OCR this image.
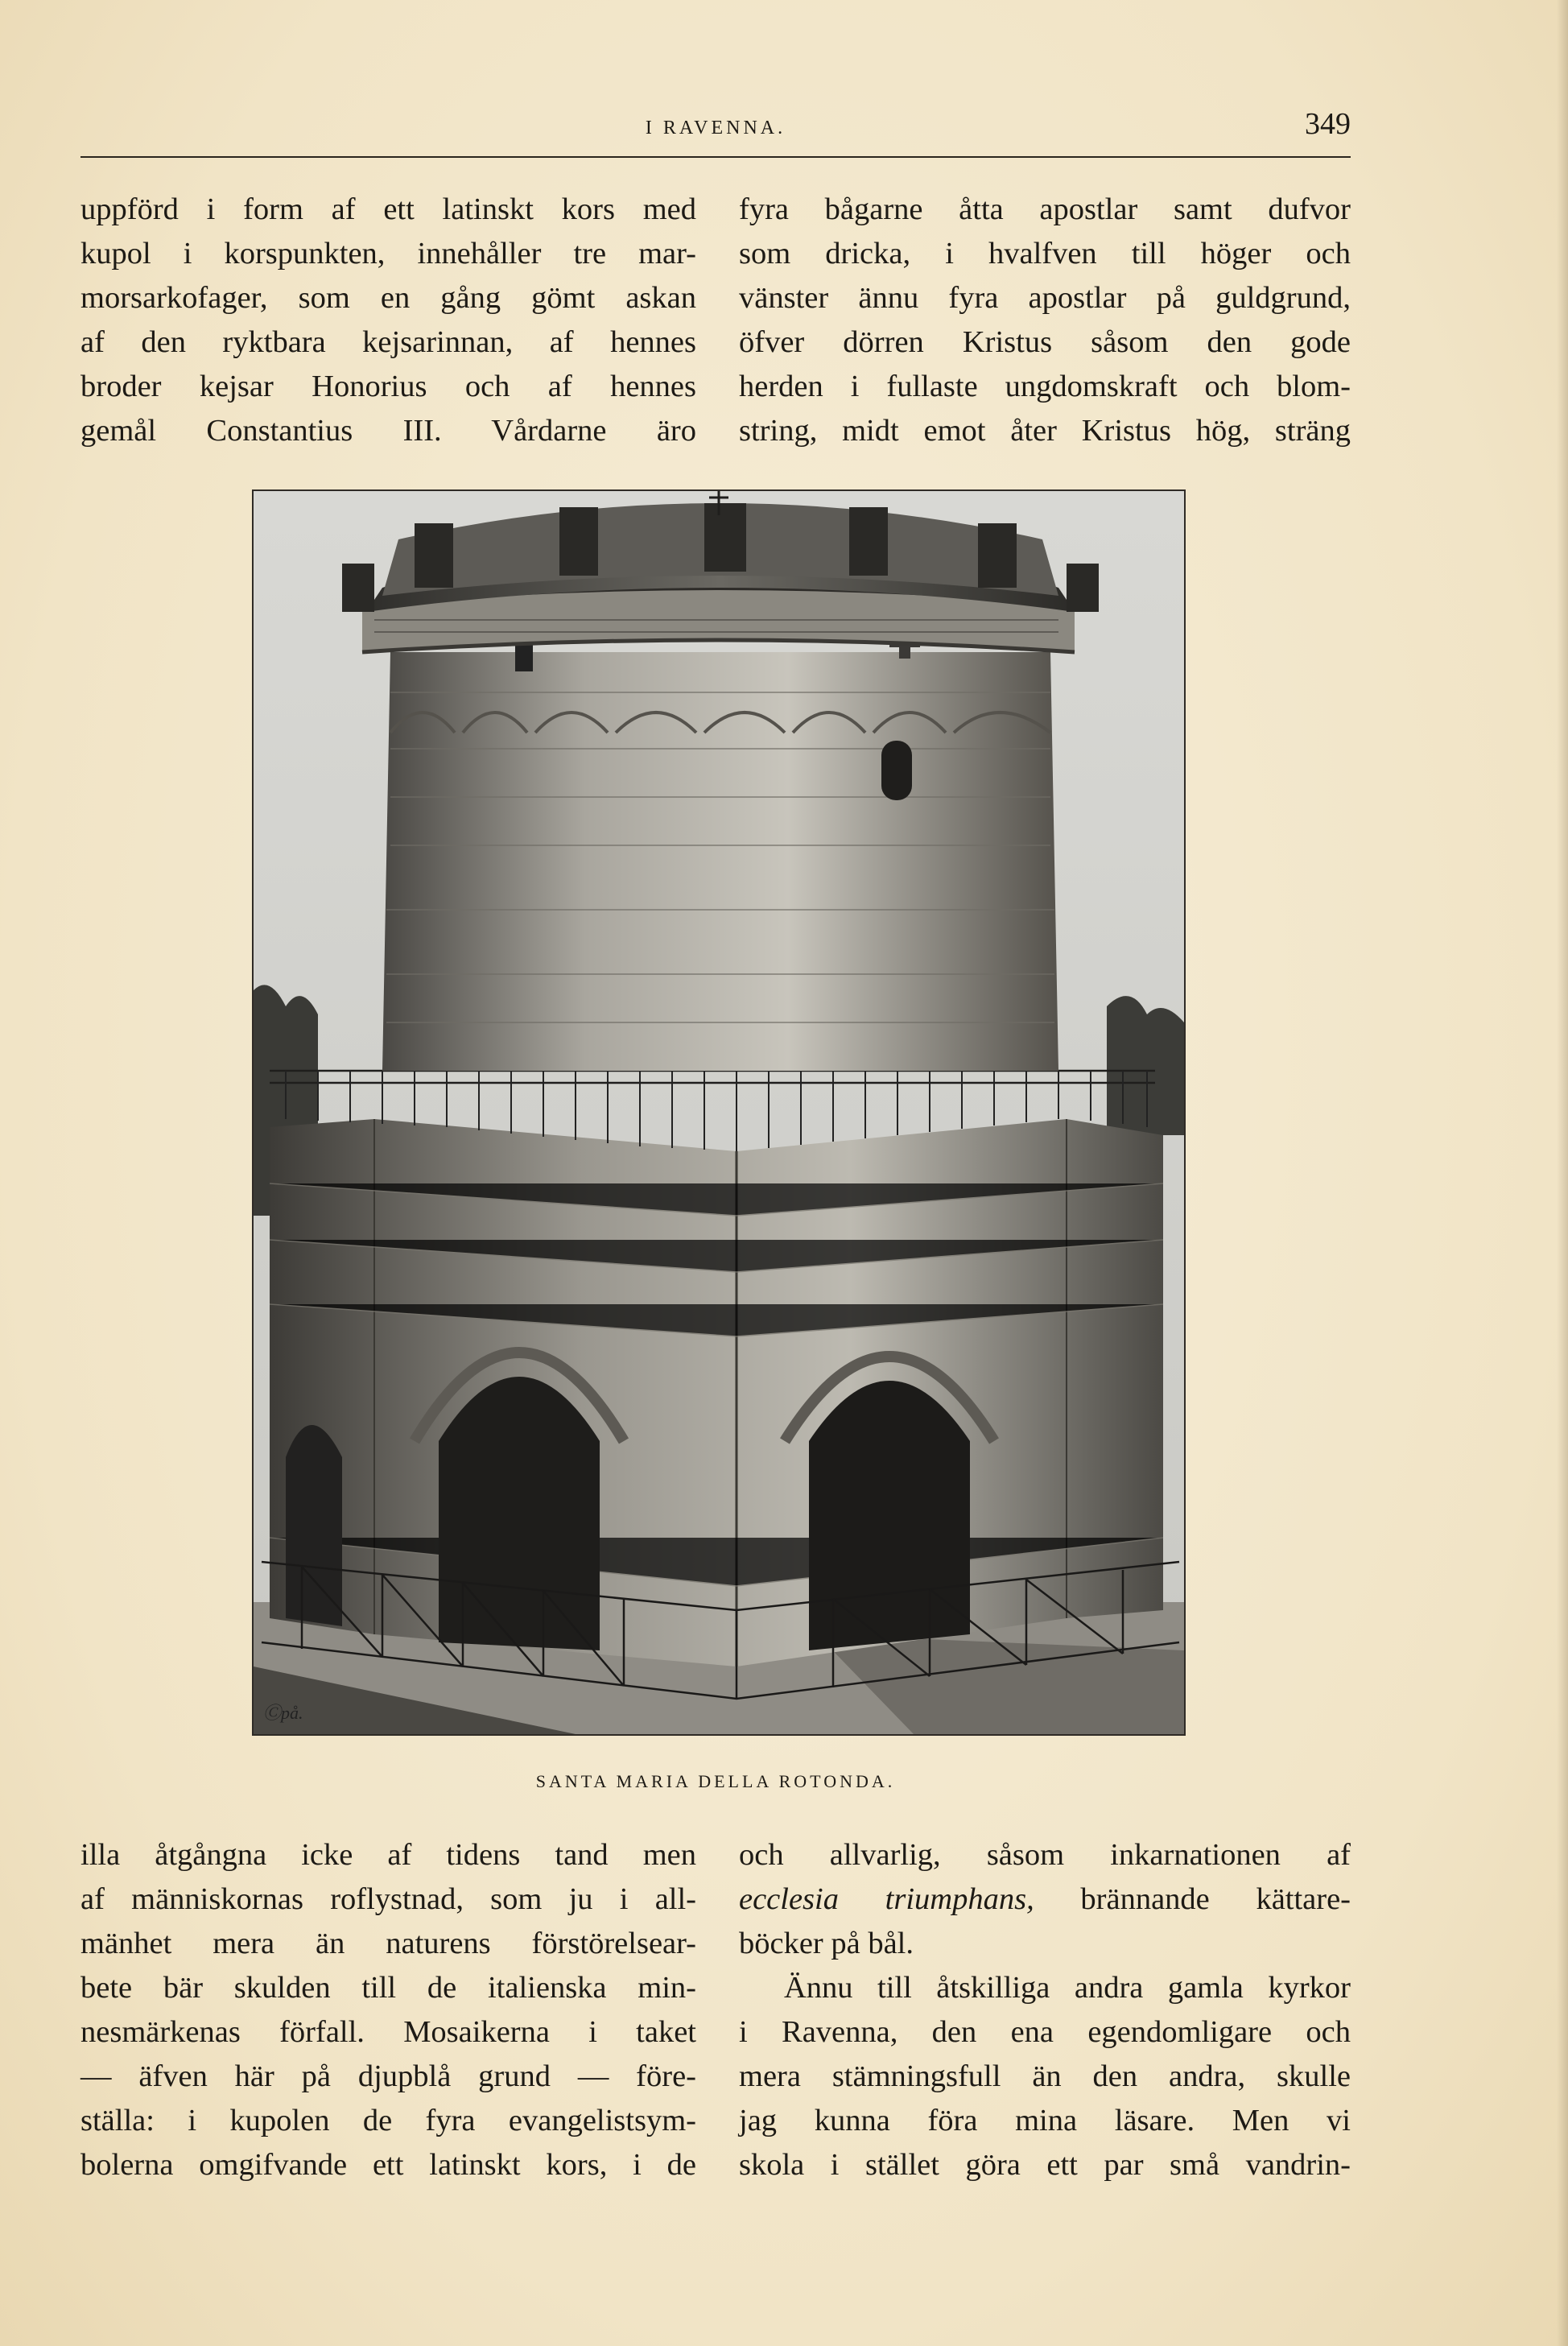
I RAVENNA.	349
uppförd i form af ett latinskt kors med
kupol i korspunkten, innehåller tre mar-
morsarkofager, som en gång gömt askan
af den ryktbara kejsarinnan, af hennes
broder kejsar Honorius och af hennes
gemål Constantius III. Vårdarne äro
fyra bågarne åtta apostlar samt dufvor
som dricka, i hvalfven till höger och
vänster ännu fyra apostlar på guldgrund,
öfver dörren Kristus såsom den gode
herden i fullaste ungdomskraft och blom-
string, midt emot åter Kristus hög, sträng
Ⓒpå.
SANTA MARIA DELLA ROTONDA.
illa åtgångna icke af tidens tand men
af människornas roflystnad, som ju i all-
mänhet mera än naturens förstörelsear-
bete bär skulden till de italienska min-
nesmärkenas förfall. Mosaikerna i taket
— äfven här på djupblå grund — före-
ställa: i kupolen de fyra evangelistsym-
bolerna omgifvande ett latinskt kors, i de
och allvarlig, såsom inkarnationen af
ecclesia triumphans, brännande kättare-
böcker på bål.
Ännu till åtskilliga andra gamla kyrkor
i Ravenna, den ena egendomligare och
mera stämningsfull än den andra, skulle
jag kunna föra mina läsare. Men vi
skola i stället göra ett par små vandrin-
